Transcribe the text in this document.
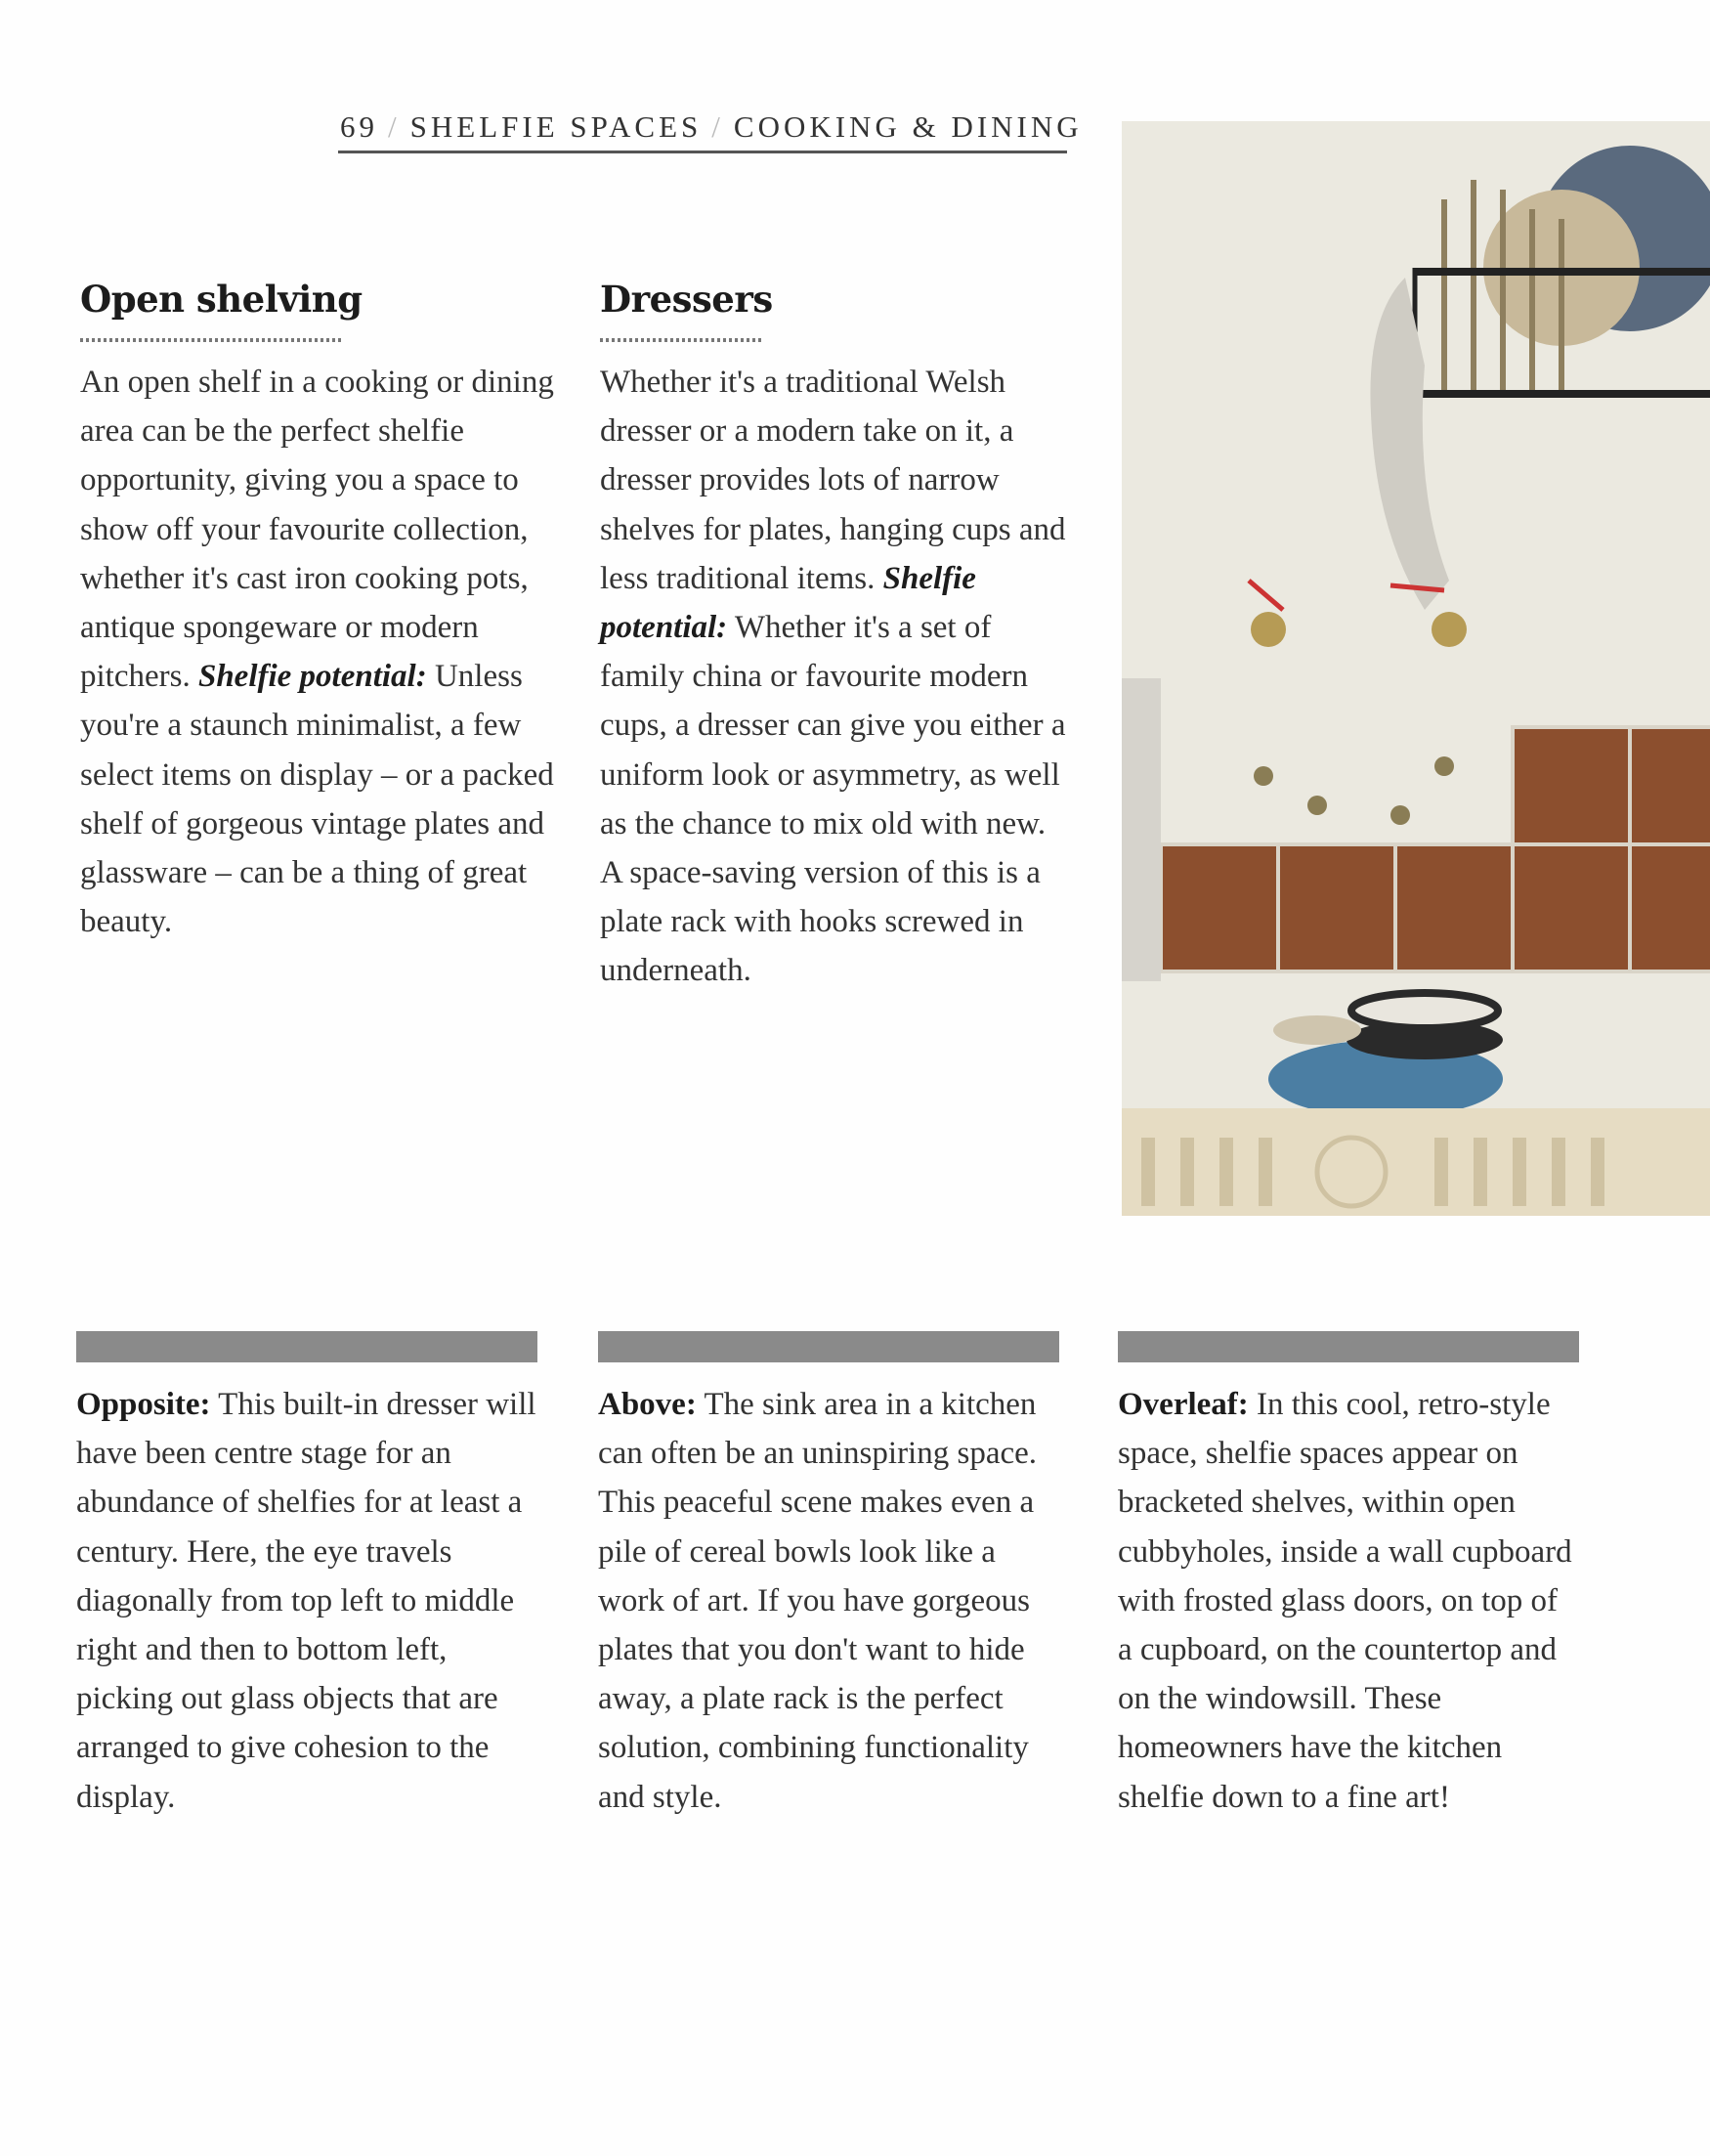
69 / SHELFIE SPACES / COOKING & DINING
Open shelving

An open shelf in a cooking or dining area can be the perfect shelfie opportunity, giving you a space to show off your favourite collection, whether it's cast iron cooking pots, antique spongeware or modern pitchers. Shelfie potential: Unless you're a staunch minimalist, a few select items on display – or a packed shelf of gorgeous vintage plates and glassware – can be a thing of great beauty.

Dressers

Whether it's a traditional Welsh dresser or a modern take on it, a dresser provides lots of narrow shelves for plates, hanging cups and less traditional items. Shelfie potential: Whether it's a set of family china or favourite modern cups, a dresser can give you either a uniform look or asymmetry, as well as the chance to mix old with new. A space-saving version of this is a plate rack with hooks screwed in underneath.

Opposite: This built-in dresser will have been centre stage for an abundance of shelfies for at least a century. Here, the eye travels diagonally from top left to middle right and then to bottom left, picking out glass objects that are arranged to give cohesion to the display.
Above: The sink area in a kitchen can often be an uninspiring space. This peaceful scene makes even a pile of cereal bowls look like a work of art. If you have gorgeous plates that you don't want to hide away, a plate rack is the perfect solution, combining functionality and style.
Overleaf: In this cool, retro-style space, shelfie spaces appear on bracketed shelves, within open cubbyholes, inside a wall cupboard with frosted glass doors, on top of a cupboard, on the countertop and on the windowsill. These homeowners have the kitchen shelfie down to a fine art!
